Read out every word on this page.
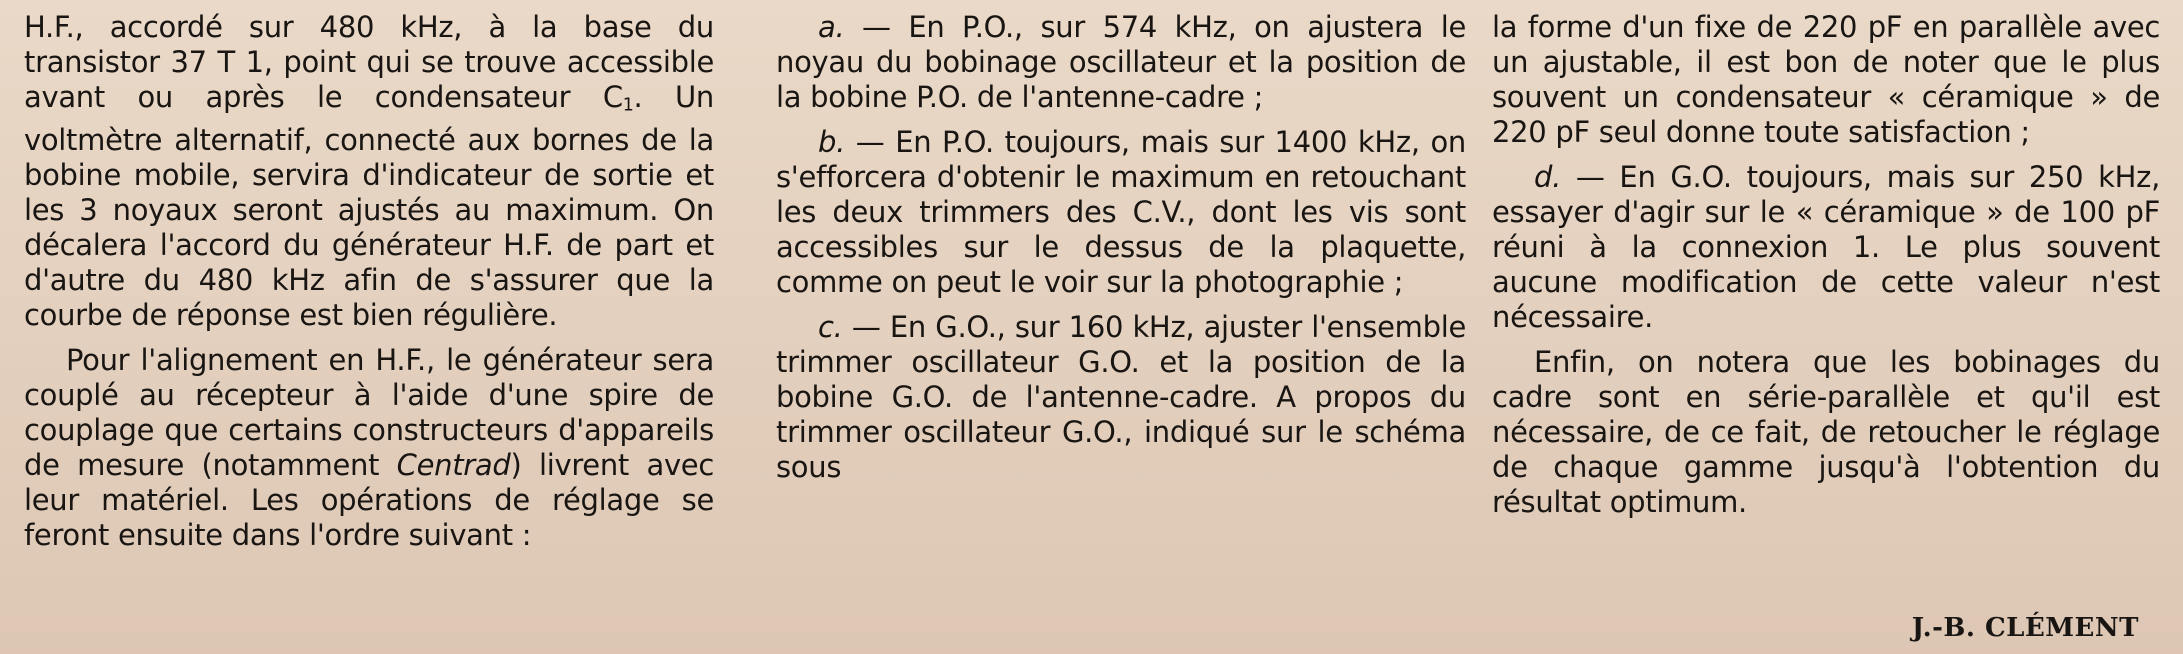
H.F., accordé sur 480 kHz, à la base du transistor 37 T 1, point qui se trouve accessible avant ou après le condensateur $C_1$. Un voltmètre alternatif, connecté aux bornes de la bobine mobile, servira d'indicateur de sortie et les 3 noyaux seront ajustés au maximum. On décalera l'accord du générateur H.F. de part et d'autre du 480 kHz afin de s'assurer que la courbe de réponse est bien régulière.

Pour l'alignement en H.F., le générateur sera couplé au récepteur à l'aide d'une spire de couplage que certains constructeurs d'appareils de mesure (notamment Centrad) livrent avec leur matériel. Les opérations de réglage se feront ensuite dans l'ordre suivant :

a. — En P.O., sur 574 kHz, on ajustera le noyau du bobinage oscillateur et la position de la bobine P.O. de l'antenne-cadre ;

b. — En P.O. toujours, mais sur 1400 kHz, on s'efforcera d'obtenir le maximum en retouchant les deux trimmers des C.V., dont les vis sont accessibles sur le dessus de la plaquette, comme on peut le voir sur la photographie ;

c. — En G.O., sur 160 kHz, ajuster l'ensemble trimmer oscillateur G.O. et la position de la bobine G.O. de l'antenne-cadre. A propos du trimmer oscillateur G.O., indiqué sur le schéma sous

la forme d'un fixe de 220 pF en parallèle avec un ajustable, il est bon de noter que le plus souvent un condensateur « céramique » de 220 pF seul donne toute satisfaction ;

d. — En G.O. toujours, mais sur 250 kHz, essayer d'agir sur le « céramique » de 100 pF réuni à la connexion 1. Le plus souvent aucune modification de cette valeur n'est nécessaire.

Enfin, on notera que les bobinages du cadre sont en série-parallèle et qu'il est nécessaire, de ce fait, de retoucher le réglage de chaque gamme jusqu'à l'obtention du résultat optimum.

J.-B. CLÉMENT
